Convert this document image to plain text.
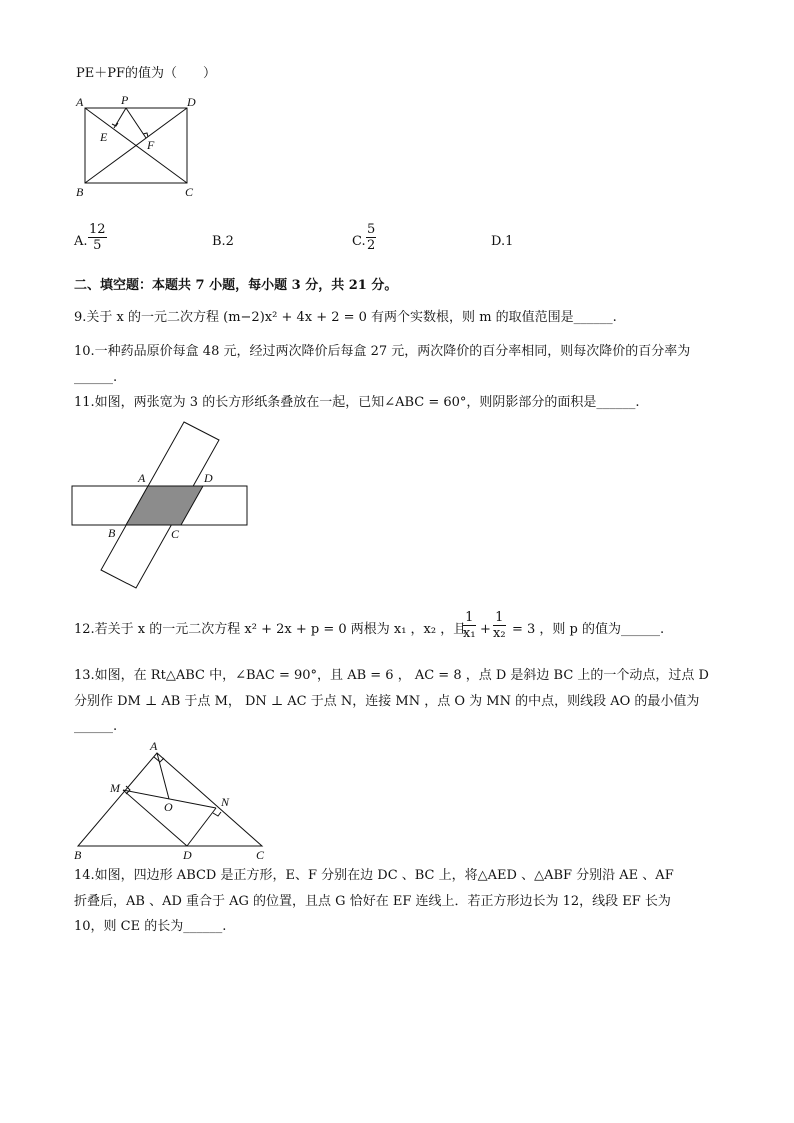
PE＋PF的值为（　　）
A	P	D
E
F
B	C
A. $\frac{12}{5}$	B.2	C. $\frac{5}{2}$	D.1
二、填空题：本题共 7 小题，每小题 3 分，共 21 分。
9.关于 x 的一元二次方程 (m−2)x² + 4x + 2 = 0 有两个实数根，则 m 的取值范围是______.
10.一种药品原价每盒 48 元，经过两次降价后每盒 27 元，两次降价的百分率相同，则每次降价的百分率为
______.
11.如图，两张宽为 3 的长方形纸条叠放在一起，已知∠ABC = 60°，则阴影部分的面积是______.
A	D
B	C
12.若关于 x 的一元二次方程 x² + 2x + p = 0 两根为 x₁ ，x₂ ，且
$\frac{1}{\text{x₁}} + \frac{1}{\text{x₂}} = 3$ ，则 p 的值为______.
13.如图，在 Rt△ABC 中，∠BAC = 90°，且 AB = 6 ， AC = 8 ，点 D 是斜边 BC 上的一个动点，过点 D
分别作 DM ⊥ AB 于点 M， DN ⊥ AC 于点 N，连接 MN ，点 O 为 MN 的中点，则线段 AO 的最小值为
______.
A
M
O	N
B	D	C
14.如图，四边形 ABCD 是正方形，E、F 分别在边 DC 、BC 上，将△AED 、△ABF 分别沿 AE 、AF
折叠后，AB 、AD 重合于 AG 的位置，且点 G 恰好在 EF 连线上．若正方形边长为 12，线段 EF 长为
10，则 CE 的长为______.
